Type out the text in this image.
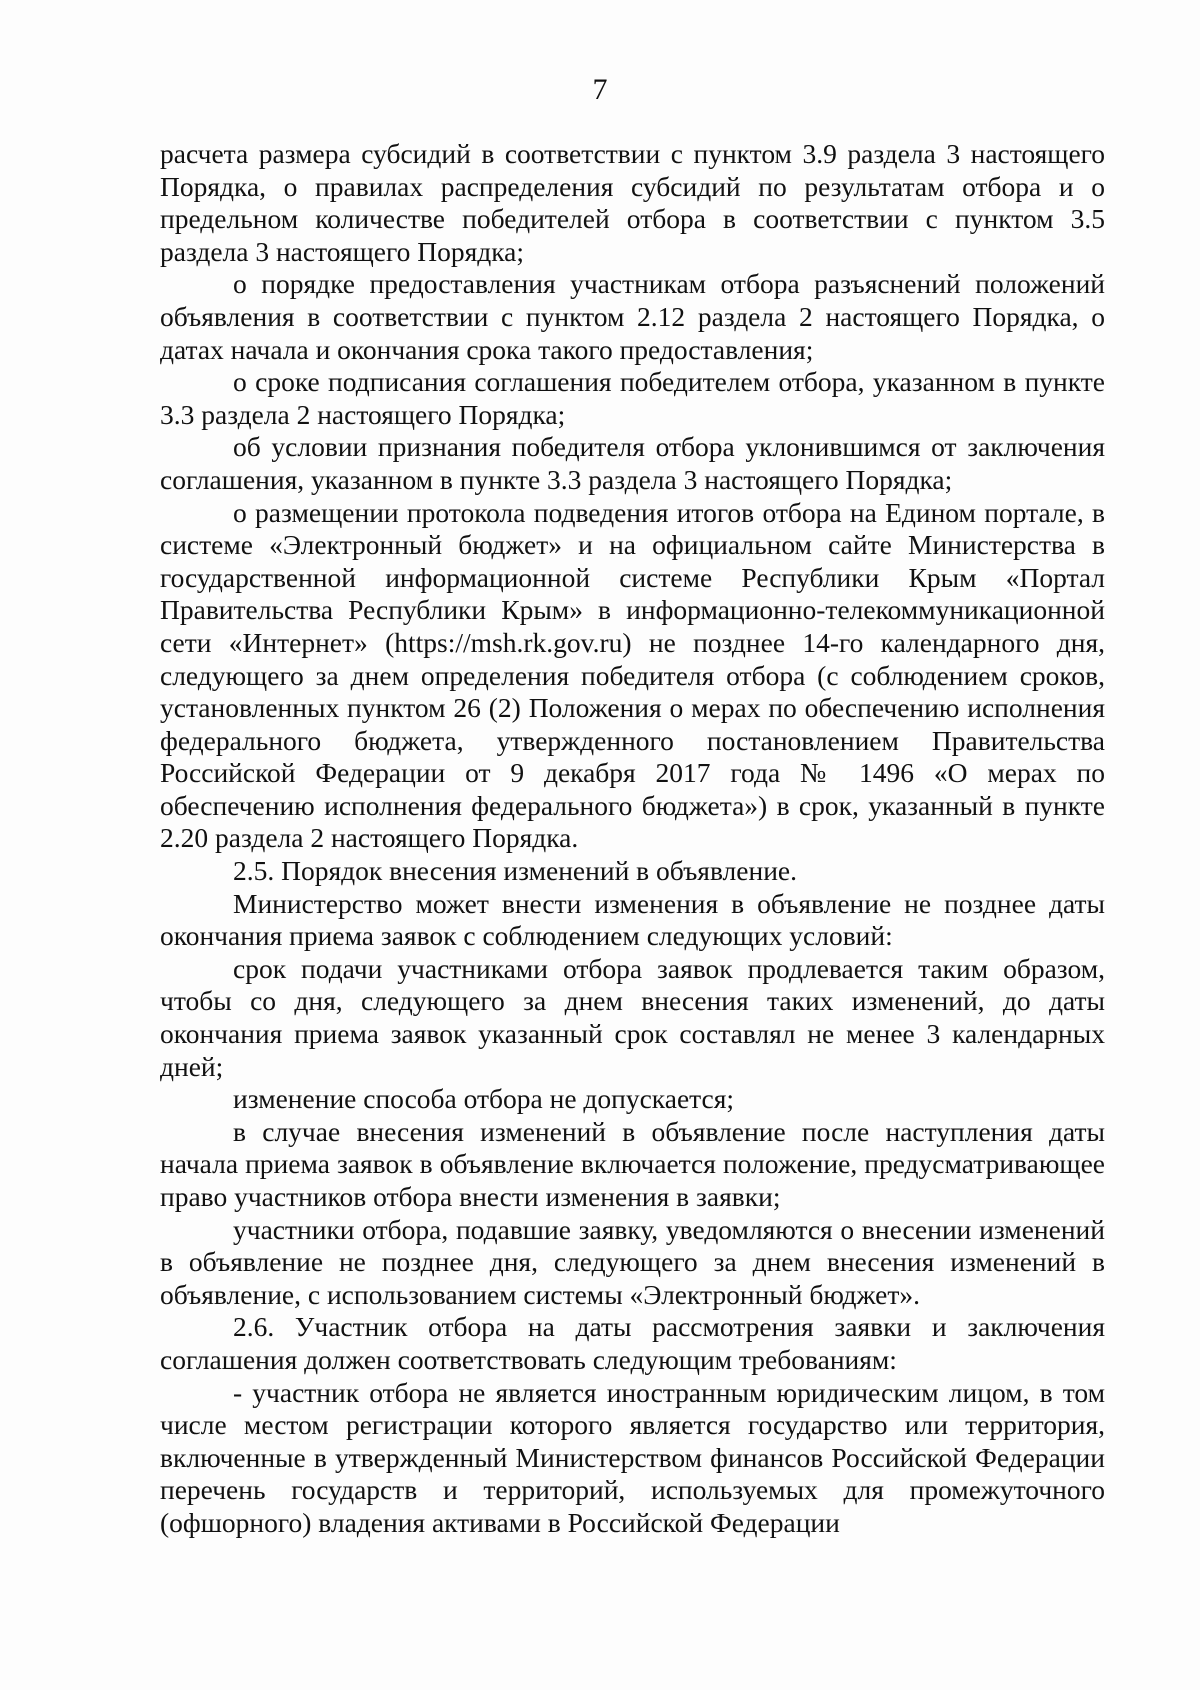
7

расчета размера субсидий в соответствии с пунктом 3.9 раздела 3 настоящего Порядка, о правилах распределения субсидий по результатам отбора и о предельном количестве победителей отбора в соответствии с пунктом 3.5 раздела 3 настоящего Порядка;

о порядке предоставления участникам отбора разъяснений положений объявления в соответствии с пунктом 2.12 раздела 2 настоящего Порядка, о датах начала и окончания срока такого предоставления;

о сроке подписания соглашения победителем отбора, указанном в пункте 3.3 раздела 2 настоящего Порядка;

об условии признания победителя отбора уклонившимся от заключения соглашения, указанном в пункте 3.3 раздела 3 настоящего Порядка;

о размещении протокола подведения итогов отбора на Едином портале, в системе «Электронный бюджет» и на официальном сайте Министерства в государственной информационной системе Республики Крым «Портал Правительства Республики Крым» в информационно-телекоммуникационной сети «Интернет» (https://msh.rk.gov.ru) не позднее 14-го календарного дня, следующего за днем определения победителя отбора (с соблюдением сроков, установленных пунктом 26 (2) Положения о мерах по обеспечению исполнения федерального бюджета, утвержденного постановлением Правительства Российской Федерации от 9 декабря 2017 года № 1496 «О мерах по обеспечению исполнения федерального бюджета») в срок, указанный в пункте 2.20 раздела 2 настоящего Порядка.

2.5. Порядок внесения изменений в объявление.

Министерство может внести изменения в объявление не позднее даты окончания приема заявок с соблюдением следующих условий:

срок подачи участниками отбора заявок продлевается таким образом, чтобы со дня, следующего за днем внесения таких изменений, до даты окончания приема заявок указанный срок составлял не менее 3 календарных дней;

изменение способа отбора не допускается;

в случае внесения изменений в объявление после наступления даты начала приема заявок в объявление включается положение, предусматривающее право участников отбора внести изменения в заявки;

участники отбора, подавшие заявку, уведомляются о внесении изменений в объявление не позднее дня, следующего за днем внесения изменений в объявление, с использованием системы «Электронный бюджет».

2.6. Участник отбора на даты рассмотрения заявки и заключения соглашения должен соответствовать следующим требованиям:

- участник отбора не является иностранным юридическим лицом, в том числе местом регистрации которого является государство или территория, включенные в утвержденный Министерством финансов Российской Федерации перечень государств и территорий, используемых для промежуточного (офшорного) владения активами в Российской Федерации
